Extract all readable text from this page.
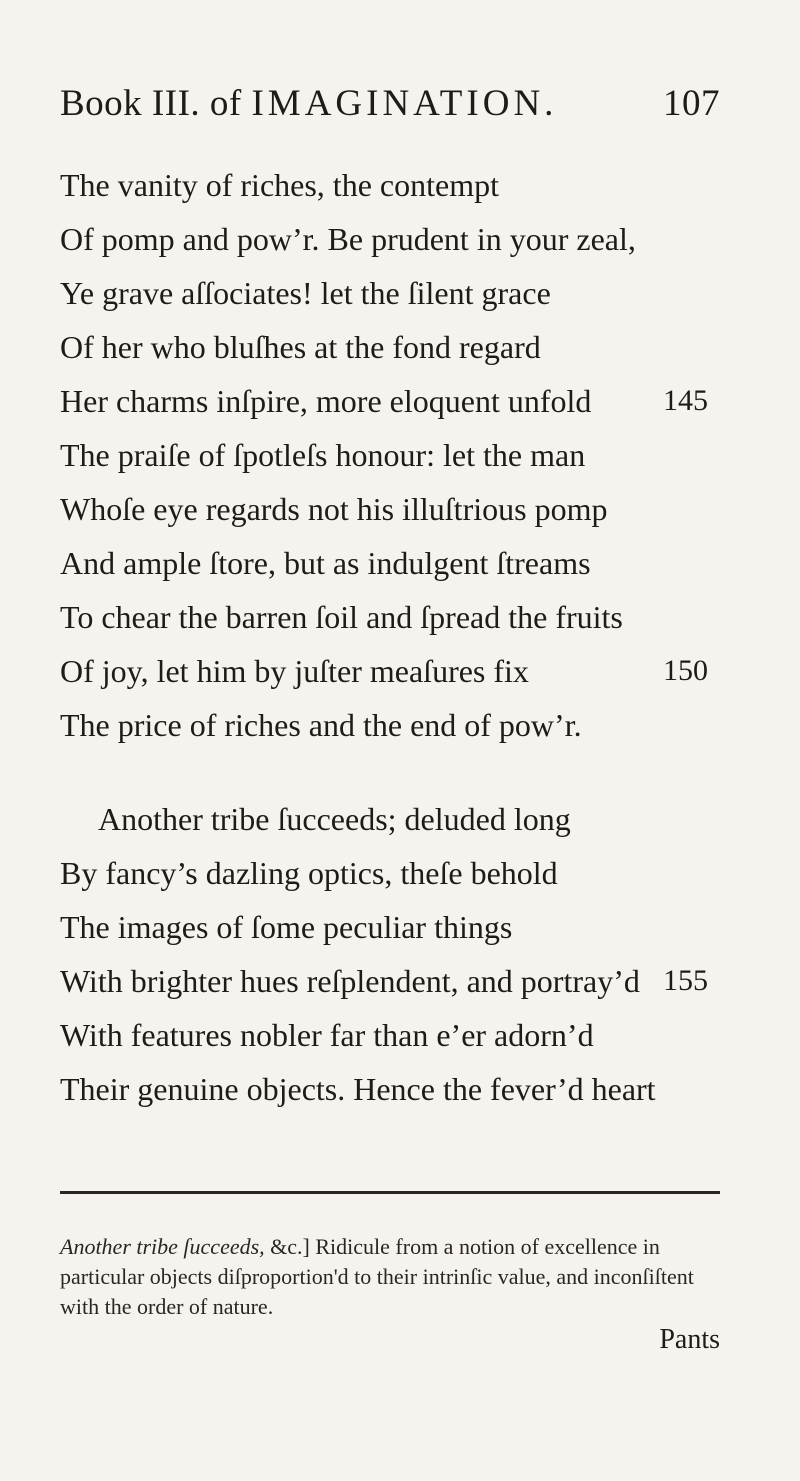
Book III. of IMAGINATION.	107
The vanity of riches, the contempt
Of pomp and pow’r. Be prudent in your zeal,
Ye grave aſſociates! let the ſilent grace
Of her who bluſhes at the fond regard
Her charms inſpire, more eloquent unfold 145
The praiſe of ſpotleſs honour: let the man
Whoſe eye regards not his illuſtrious pomp
And ample ſtore, but as indulgent ſtreams
To chear the barren ſoil and ſpread the fruits
Of joy, let him by juſter meaſures fix	150
The price of riches and the end of pow’r.
Another tribe ſucceeds; deluded long
By fancy’s dazling optics, theſe behold
The images of ſome peculiar things
With brighter hues reſplendent, and portray’d 155
With features nobler far than e’er adorn’d
Their genuine objects. Hence the fever’d heart
Another tribe ſucceeds, &c.] Ridicule from a notion of excellence in particular objects diſproportion'd to their intrinſic value, and inconſiſtent with the order of nature.
Pants
